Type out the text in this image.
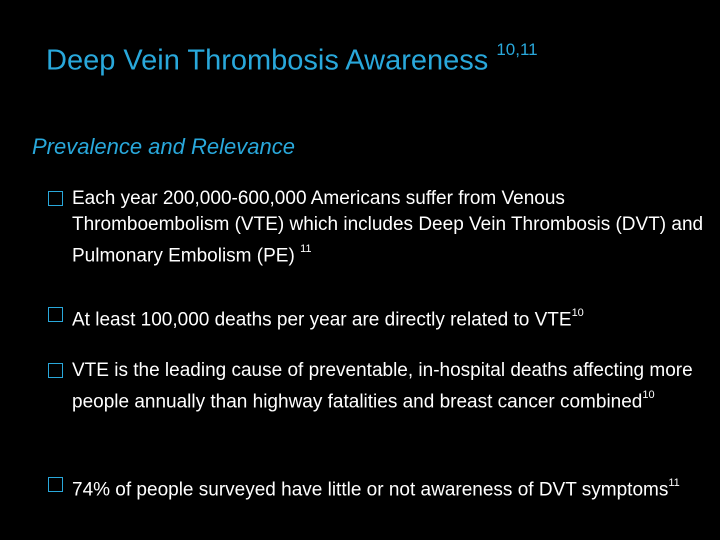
Deep Vein Thrombosis Awareness $^{10,11}$
Prevalence and Relevance
Each year 200,000-600,000 Americans suffer from Venous Thromboembolism (VTE) which includes Deep Vein Thrombosis (DVT) and Pulmonary Embolism (PE) $^{11}$
At least 100,000 deaths per year are directly related to VTE$^{10}$
VTE is the leading cause of preventable, in-hospital deaths affecting more people annually than highway fatalities and breast cancer combined$^{10}$
74% of people surveyed have little or not awareness of DVT symptoms$^{11}$
